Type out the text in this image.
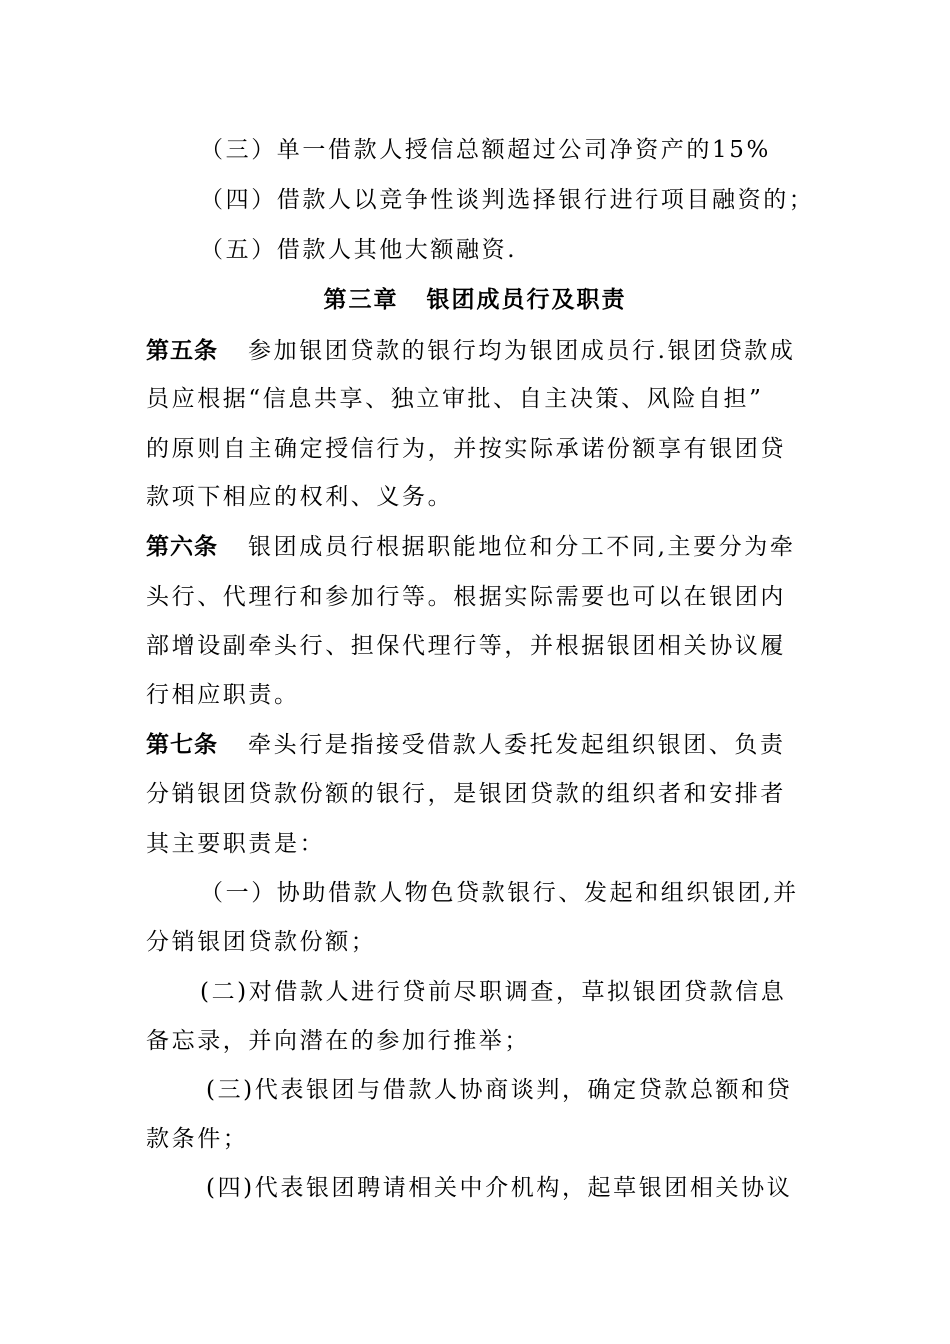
（三）单一借款人授信总额超过公司净资产的15%
（四）借款人以竞争性谈判选择银行进行项目融资的；
（五）借款人其他大额融资.
第三章 银团成员行及职责
第五条 参加银团贷款的银行均为银团成员行.银团贷款成
员应根据“信息共享、独立审批、自主决策、风险自担”
的原则自主确定授信行为，并按实际承诺份额享有银团贷
款项下相应的权利、义务。
第六条 银团成员行根据职能地位和分工不同,主要分为牵
头行、代理行和参加行等。根据实际需要也可以在银团内
部增设副牵头行、担保代理行等，并根据银团相关协议履
行相应职责。
第七条 牵头行是指接受借款人委托发起组织银团、负责
分销银团贷款份额的银行，是银团贷款的组织者和安排者
其主要职责是：
（一）协助借款人物色贷款银行、发起和组织银团,并
分销银团贷款份额；
(二)对借款人进行贷前尽职调查，草拟银团贷款信息
备忘录，并向潜在的参加行推举；
(三)代表银团与借款人协商谈判，确定贷款总额和贷
款条件；
(四)代表银团聘请相关中介机构，起草银团相关协议
